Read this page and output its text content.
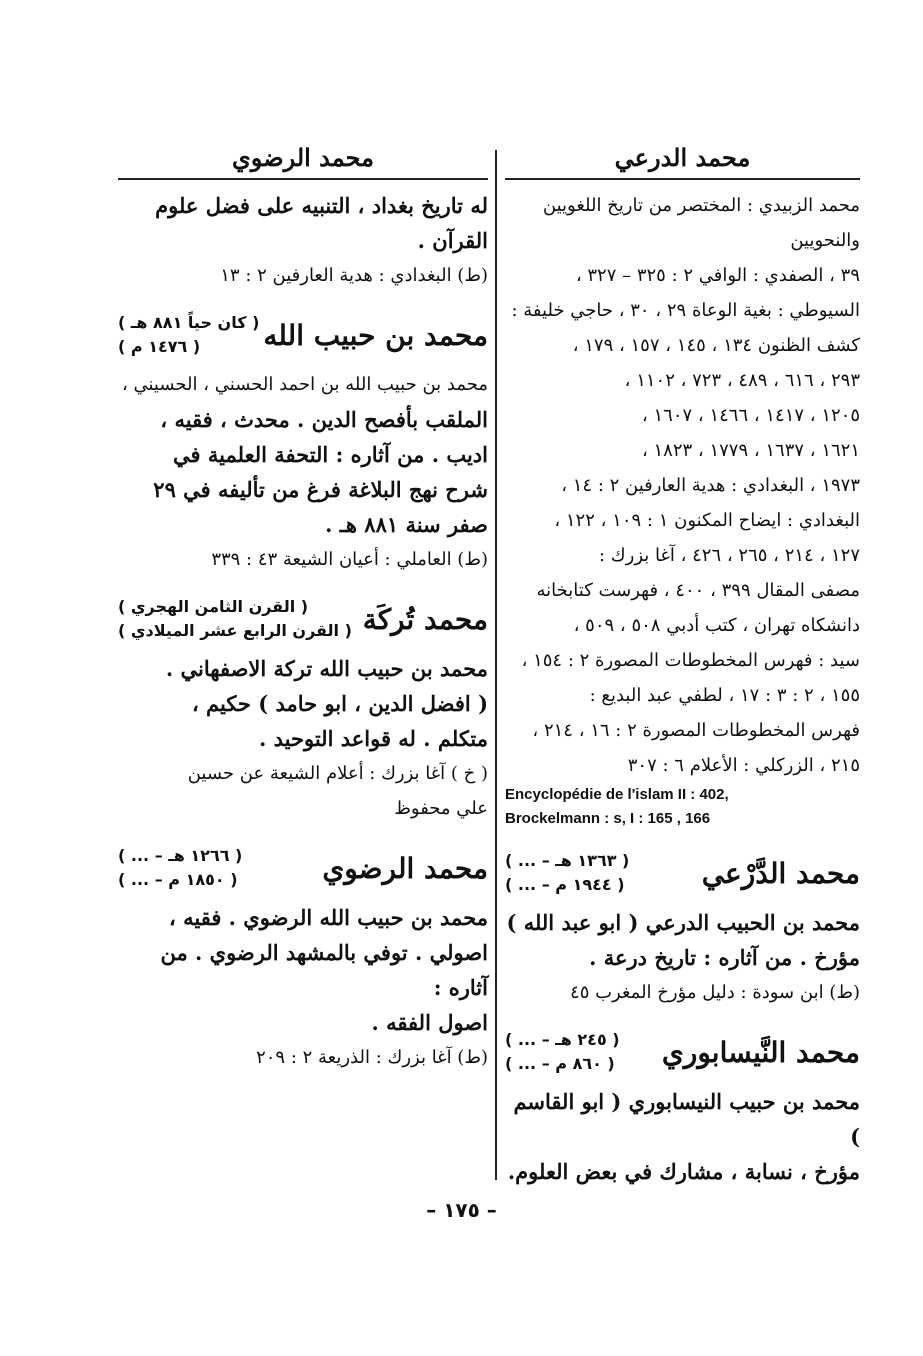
محمد الدرعي

محمد الزبيدي : المختصر من تاريخ اللغويين والنحويين

٣٩ ، الصفدي : الوافي ٢ : ٣٢٥ – ٣٢٧ ،

السيوطي : بغية الوعاة ٢٩ ، ٣٠ ، حاجي خليفة :

كشف الظنون ١٣٤ ، ١٤٥ ، ١٥٧ ، ١٧٩ ،

٢٩٣ ، ٦١٦ ، ٤٨٩ ، ٧٢٣ ، ١١٠٢ ،

١٢٠٥ ، ١٤١٧ ، ١٤٦٦ ، ١٦٠٧ ،

١٦٢١ ، ١٦٣٧ ، ١٧٧٩ ، ١٨٢٣ ،

١٩٧٣ ، البغدادي : هدية العارفين ٢ : ١٤ ،

البغدادي : ايضاح المكنون ١ : ١٠٩ ، ١٢٢ ،

١٢٧ ، ٢١٤ ، ٢٦٥ ، ٤٢٦ ، آغا بزرك :

مصفى المقال ٣٩٩ ، ٤٠٠ ، فهرست كتابخانه

دانشكاه تهران ، كتب أدبي ٥٠٨ ، ٥٠٩ ،

سيد : فهرس المخطوطات المصورة ٢ : ١٥٤ ،

١٥٥ ، ٢ : ٣ : ١٧ ، لطفي عبد البديع :

فهرس المخطوطات المصورة ٢ : ١٦ ، ٢١٤ ،

٢١٥ ، الزركلي : الأعلام ٦ : ٣٠٧

Encyclopédie de l'islam II : 402,

Brockelmann : s, I : 165 , 166

محمد الدَّرْعي
( ... – ١٣٦٣ هـ )
( ... – ١٩٤٤ م )

محمد بن الحبيب الدرعي ( ابو عبد الله )

مؤرخ . من آثاره : تاريخ درعة .

(ط) ابن سودة : دليل مؤرخ المغرب ٤٥

محمد النَّيسابوري
( ... – ٢٤٥ هـ )
( ... – ٨٦٠ م )

محمد بن حبيب النيسابوري ( ابو القاسم )

مؤرخ ، نسابة ، مشارك في بعض العلوم.

محمد الرضوي

له تاريخ بغداد ، التنبيه على فضل علوم

القرآن .

(ط) البغدادي : هدية العارفين ٢ : ١٣

محمد بن حبيب الله
( كان حياً ٨٨١ هـ )
( ١٤٧٦ م )

محمد بن حبيب الله بن احمد الحسني ، الحسيني ،

الملقب بأفصح الدين . محدث ، فقيه ،

اديب . من آثاره : التحفة العلمية في

شرح نهج البلاغة فرغ من تأليفه في ٢٩

صفر سنة ٨٨١ هـ .

(ط) العاملي : أعيان الشيعة ٤٣ : ٣٣٩

محمد تُركَة
( القرن الثامن الهجري )
( القرن الرابع عشر الميلادي )

محمد بن حبيب الله تركة الاصفهاني .

( افضل الدين ، ابو حامد ) حكيم ،

متكلم . له قواعد التوحيد .

( خ ) آغا بزرك : أعلام الشيعة عن حسين

علي محفوظ

محمد الرضوي
( ... – ١٢٦٦ هـ )
( ... – ١٨٥٠ م )

محمد بن حبيب الله الرضوي . فقيه ،

اصولي . توفي بالمشهد الرضوي . من آثاره :

اصول الفقه .

(ط) آغا بزرك : الذريعة ٢ : ٢٠٩

– ١٧٥ –
